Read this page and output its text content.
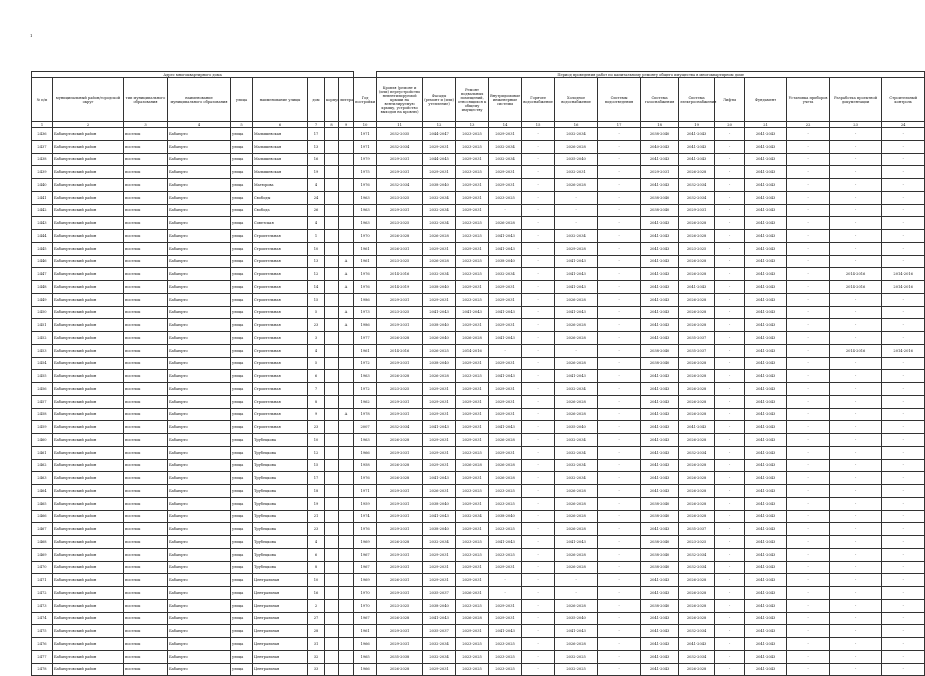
1
Адрес многоквартирного дома										Период проведения работ по капитальному ремонту общего имущества в многоквартирном доме													
№ п/п	муниципальный район/городской округ	тип муниципального образования	наименование муниципального образования	улица	наименование улицы	дом	корпус	литера	Год постройки	Кровля (ремонт и (или) переустройство невентилируемой крыши на вентилируемую крышу, устройство выходов на кровлю)	Фасады (ремонт и (или) утепление)	Ремонт подвальных помещений, относящихся к общему имуществу	Внутридомовые инженерные системы	Горячее водоснабжение	Холодное водоснабжение	Системы водоотведения	Система газоснабжения	Система электроснабжения	Лифты	Фундамент	Установка приборов учета	Разработка проектной документации	Строительный контроль
1	2	3	4	5	6	7	8	9	10	11	12	13	14	15	16	17	18	19	20	21	22	23	24
2436	Бабаюртовский район	поселок	Бабаюрто	улица	Малышевская	17			1971	2032-2035	2044-2047	2023-2025	2029-2031	-	2032-2034	-	2038-2040	2041-2043	-	2041-2043	-	-	-
2437	Бабаюртовский район	поселок	Бабаюрто	улица	Малышевская	13			1971	2032-2034	2029-2031	2023-2025	2032-2034	-	2026-2028	-	2040-2043	2041-2043	-	2041-2043	-	-	-
2438	Бабаюртовский район	поселок	Бабаюрто	улица	Малышевская	16			1979	2029-2031	2044-2045	2029-2031	2032-2034	-	2035-2040	-	2041-2043	2041-2043	-	2041-2043	-	-	-
2439	Бабаюртовский район	поселок	Бабаюрто	улица	Малышевская	19			1975	2029-2031	2029-2031	2023-2025	2029-2031	-	2032-2031	-	2029-2031	2026-2028	-	2041-2043	-	-	-
2440	Бабаюртовский район	поселок	Бабаюрто	улица	Матюрова	4			1976	2032-2034	2038-2040	2029-2031	2029-2031	-	2026-2028	-	2041-2043	2032-2034	-	2041-2043	-	-	-
2441	Бабаюртовский район	поселок	Бабаюрто	улица	Свободы	24			1963	2023-2025	2032-2034	2029-2031	2023-2025	-	-	-	2038-2040	2032-2034	-	2041-2043	-	-	-
2442	Бабаюртовский район	поселок	Бабаюрто	улица	Свобода	26			1963	2029-2031	2032-2034	2029-2031	-	-	-	-	2038-2040	2029-2031	-	2041-2043	-	-	-
2443	Бабаюртовский район	поселок	Бабаюрто	улица	Советская	4			1963	2023-2025	2032-2034	2023-2025	2026-2028	-	-	-	2041-2043	2026-2028	-	2041-2043	-	-	-
2444	Бабаюртовский район	поселок	Бабаюрто	улица	Строительная	1			1970	2026-2028	2026-2028	2023-2025	2041-2043	-	2032-2034	-	2041-2043	2026-2028	-	2041-2043	-	-	-
2445	Бабаюртовский район	поселок	Бабаюрто	улица	Строительная	10			1961	2026-2031	2029-2031	2029-2031	2041-2043	-	2029-2028	-	2041-2043	2023-2025	-	2041-2043	-	-	-
2446	Бабаюртовский район	поселок	Бабаюрто	улица	Строительная	13		А	1961	2023-2025	2026-2028	2023-2025	2038-2040	-	2041-2043	-	2041-2043	2026-2028	-	2041-2043	-	-	-
2447	Бабаюртовский район	поселок	Бабаюрто	улица	Строительная	12		А	1976	2014-2016	2032-2034	2023-2025	2032-2034	-	2041-2043	-	2041-2043	2026-2028	-	2041-2043	-	2014-2016	2014-2016
2448	Бабаюртовский район	поселок	Бабаюрто	улица	Строительная	14		А	1976	2014-2019	2038-2040	2029-2031	2029-2031	-	2041-2043	-	2041-2043	2041-2043	-	2041-2043	-	2014-2016	2014-2016
2449	Бабаюртовский район	поселок	Бабаюрто	улица	Строительная	15			1986	2029-2031	2029-2031	2023-2025	2029-2031	-	2026-2028	-	2041-2043	2026-2028	-	2041-2043	-	-	-
2450	Бабаюртовский район	поселок	Бабаюрто	улица	Строительная	5		А	1973	2023-2025	2041-2043	2041-2043	2041-2043	-	2041-2043	-	2041-2043	2026-2028	-	2041-2043	-	-	-
2451	Бабаюртовский район	поселок	Бабаюрто	улица	Строительная	23		А	1986	2029-2031	2038-2040	2029-2031	2029-2031	-	2026-2028	-	2041-2043	2026-2028	-	2041-2043	-	-	-
2452	Бабаюртовский район	поселок	Бабаюрто	улица	Строительная	3			1977	2026-2028	2026-2040	2026-2028	2041-2043	-	2026-2028	-	2041-2043	2035-2037	-	2041-2043	-	-	-
2453	Бабаюртовский район	поселок	Бабаюрто	улица	Строительная	4			1961	2014-2016	2026-2025	2014-2016	-	-	-	-	2038-2040	2035-2037	-	2041-2043	-	2014-2016	2014-2016
2454	Бабаюртовский район	поселок	Бабаюрто	улица	Строительная	5			1972	2029-2031	2038-2040	2029-2031	2029-2031	-	2026-2028	-	2038-2040	2026-2028	-	2041-2043	-	-	-
2455	Бабаюртовский район	поселок	Бабаюрто	улица	Строительная	6			1963	2026-2028	2026-2028	2023-2025	2041-2043	-	2041-2043	-	2041-2043	2026-2028	-	2041-2043	-	-	-
2456	Бабаюртовский район	поселок	Бабаюрто	улица	Строительная	7			1972	2023-2025	2029-2031	2029-2031	2029-2031	-	2032-2034	-	2041-2043	2026-2028	-	2041-2043	-	-	-
2457	Бабаюртовский район	поселок	Бабаюрто	улица	Строительная	8			1962	2029-2031	2029-2031	2029-2031	2029-2031	-	2026-2028	-	2041-2043	2026-2028	-	2041-2043	-	-	-
2458	Бабаюртовский район	поселок	Бабаюрто	улица	Строительная	9		А	1978	2029-2031	2029-2031	2029-2031	2029-2031	-	2026-2028	-	2041-2043	2026-2028	-	2041-2043	-	-	-
2459	Бабаюртовский район	поселок	Бабаюрто	улица	Строительная	23			2007	2032-2034	2041-2043	2029-2031	2041-2043	-	2035-2040	-	2041-2043	2041-2043	-	2041-2043	-	-	-
2460	Бабаюртовский район	поселок	Бабаюрто	улица	Трубецкова	10			1963	2026-2028	2029-2031	2029-2031	2026-2028	-	2032-2034	-	2041-2043	2026-2028	-	2041-2043	-	-	-
2461	Бабаюртовский район	поселок	Бабаюрто	улица	Трубецкова	12			1966	2029-2031	2029-2031	2023-2025	2029-2031	-	2032-2034	-	2041-2043	2032-2034	-	2041-2043	-	-	-
2462	Бабаюртовский район	поселок	Бабаюрто	улица	Трубецкова	15			1958	2026-2028	2029-2031	2026-2028	2026-2028	-	2032-2034	-	2041-2043	2026-2028	-	2041-2043	-	-	-
2463	Бабаюртовский район	поселок	Бабаюрто	улица	Трубецкова	17			1976	2026-2028	2041-2043	2029-2031	2026-2028	-	2032-2034	-	2041-2043	2026-2028	-	2041-2043	-	-	-
2464	Бабаюртовский район	поселок	Бабаюрто	улица	Трубецкова	18			1971	2029-2031	2026-2031	2023-2025	2023-2025	-	2026-2028	-	2041-2043	2026-2028	-	2041-2043	-	-	-
2465	Бабаюртовский район	поселок	Бабаюрто	улица	Трубецкова	19			1959	2029-2031	2038-2040	2029-2031	2023-2025	-	2026-2028	-	2038-2040	2026-2028	-	2041-2043	-	-	-
2466	Бабаюртовский район	поселок	Бабаюрто	улица	Трубецкова	21			1974	2029-2031	2041-2043	2032-2034	2038-2040	-	2026-2028	-	2038-2040	2026-2028	-	2041-2043	-	-	-
2467	Бабаюртовский район	поселок	Бабаюрто	улица	Трубецкова	23			1976	2029-2031	2038-2040	2029-2031	2023-2025	-	2026-2028	-	2041-2043	2035-2037	-	2041-2043	-	-	-
2468	Бабаюртовский район	поселок	Бабаюрто	улица	Трубецкова	4			1969	2026-2028	2032-2034	2023-2025	2041-2043	-	2041-2043	-	2038-2040	2023-2025	-	2041-2043	-	-	-
2469	Бабаюртовский район	поселок	Бабаюрто	улица	Трубецкова	6			1967	2029-2031	2029-2031	2023-2025	2023-2025	-	2026-2028	-	2038-2040	2032-2034	-	2041-2043	-	-	-
2470	Бабаюртовский район	поселок	Бабаюрто	улица	Трубецкова	8			1967	2029-2031	2029-2031	2029-2031	2029-2031	-	2026-2028	-	2038-2040	2032-2034	-	2041-2043	-	-	-
2471	Бабаюртовский район	поселок	Бабаюрто	улица	Центральная	10			1969	2026-2031	2029-2031	2029-2031	-	-	-	-	2041-2043	2026-2028	-	2041-2043	-	-	-
2472	Бабаюртовский район	поселок	Бабаюрто	улица	Центральная	16			1970	2029-2031	2035-2037	2026-2031	-	-	-	-	2041-2043	2026-2028	-	2041-2043	-	-	-
2473	Бабаюртовский район	поселок	Бабаюрто	улица	Центральная	2			1970	2023-2025	2038-2040	2023-2025	2029-2031	-	2026-2028	-	2038-2040	2026-2028	-	2041-2043	-	-	-
2474	Бабаюртовский район	поселок	Бабаюрто	улица	Центральная	27			1967	2026-2028	2041-2043	2026-2028	2029-2031	-	2035-2040	-	2041-2043	2026-2028	-	2041-2043	-	-	-
2475	Бабаюртовский район	поселок	Бабаюрто	улица	Центральная	28			1961	2029-2031	2035-2037	2029-2031	2041-2043	-	2041-2043	-	2041-2043	2032-2034	-	2041-2043	-	-	-
2476	Бабаюртовский район	поселок	Бабаюрто	улица	Центральная	31			1966	2029-2031	2032-2034	2023-2025	2023-2025	-	2026-2028	-	2041-2043	2041-2043	-	2041-2043	-	-	-
2477	Бабаюртовский район	поселок	Бабаюрто	улица	Центральная	32			1965	2035-2038	2032-2034	2023-2025	2023-2025	-	2032-2025	-	2041-2043	2032-2034	-	2041-2043	-	-	-
2478	Бабаюртовский район	поселок	Бабаюрто	улица	Центральная	33			1966	2026-2028	2029-2031	2023-2025	2023-2025	-	2032-2025	-	2041-2043	2026-2028	-	2041-2043	-	-	-
